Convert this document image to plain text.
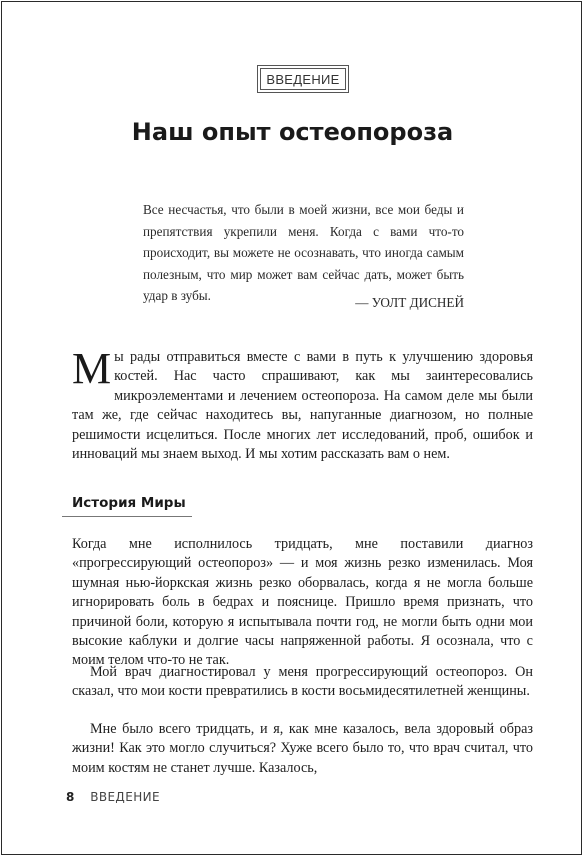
ВВЕДЕНИЕ
Наш опыт остеопороза

Все несчастья, что были в моей жизни, все мои беды и препятствия укрепили меня. Когда с вами что-то происходит, вы можете не осознавать, что иногда самым полезным, что мир может вам сейчас дать, может быть удар в зубы.	— УОЛТ ДИСНЕЙ

Мы рады отправиться вместе с вами в путь к улучшению здоровья костей. Нас часто спрашивают, как мы заинтересовались микроэлементами и лечением остеопороза. На самом деле мы были там же, где сейчас находитесь вы, напуганные диагнозом, но полные решимости исцелиться. После многих лет исследований, проб, ошибок и инноваций мы знаем выход. И мы хотим рассказать вам о нем.

История Миры

Когда мне исполнилось тридцать, мне поставили диагноз «прогрессирующий остеопороз» — и моя жизнь резко изменилась. Моя шумная нью-йоркская жизнь резко оборвалась, когда я не могла больше игнорировать боль в бедрах и пояснице. Пришло время признать, что причиной боли, которую я испытывала почти год, не могли быть одни мои высокие каблуки и долгие часы напряженной работы. Я осознала, что с моим телом что-то не так.

Мой врач диагностировал у меня прогрессирующий остеопороз. Он сказал, что мои кости превратились в кости восьмидесятилетней женщины.

Мне было всего тридцать, и я, как мне казалось, вела здоровый образ жизни! Как это могло случиться? Хуже всего было то, что врач считал, что моим костям не станет лучше. Казалось,

8 ВВЕДЕНИЕ
